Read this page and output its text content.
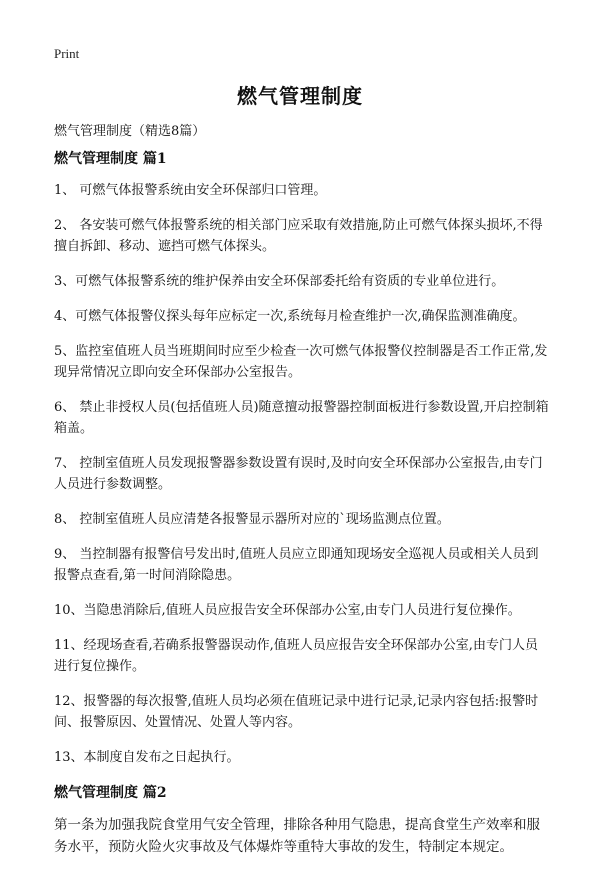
Print
燃气管理制度
燃气管理制度（精选8篇）
燃气管理制度 篇1

1、 可燃气体报警系统由安全环保部归口管理。

2、 各安装可燃气体报警系统的相关部门应采取有效措施,防止可燃气体探头损坏,不得擅自拆卸、移动、遮挡可燃气体探头。

3、可燃气体报警系统的维护保养由安全环保部委托给有资质的专业单位进行。

4、可燃气体报警仪探头每年应标定一次,系统每月检查维护一次,确保监测准确度。

5、监控室值班人员当班期间时应至少检查一次可燃气体报警仪控制器是否工作正常,发现异常情况立即向安全环保部办公室报告。

6、 禁止非授权人员(包括值班人员)随意擅动报警器控制面板进行参数设置,开启控制箱箱盖。

7、 控制室值班人员发现报警器参数设置有误时,及时向安全环保部办公室报告,由专门人员进行参数调整。

8、 控制室值班人员应清楚各报警显示器所对应的`现场监测点位置。

9、 当控制器有报警信号发出时,值班人员应立即通知现场安全巡视人员或相关人员到报警点查看,第一时间消除隐患。

10、当隐患消除后,值班人员应报告安全环保部办公室,由专门人员进行复位操作。

11、经现场查看,若确系报警器误动作,值班人员应报告安全环保部办公室,由专门人员进行复位操作。

12、报警器的每次报警,值班人员均必须在值班记录中进行记录,记录内容包括:报警时间、报警原因、处置情况、处置人等内容。

13、本制度自发布之日起执行。

燃气管理制度 篇2

第一条为加强我院食堂用气安全管理，排除各种用气隐患，提高食堂生产效率和服务水平，预防火险火灾事故及气体爆炸等重特大事故的发生，特制定本规定。
